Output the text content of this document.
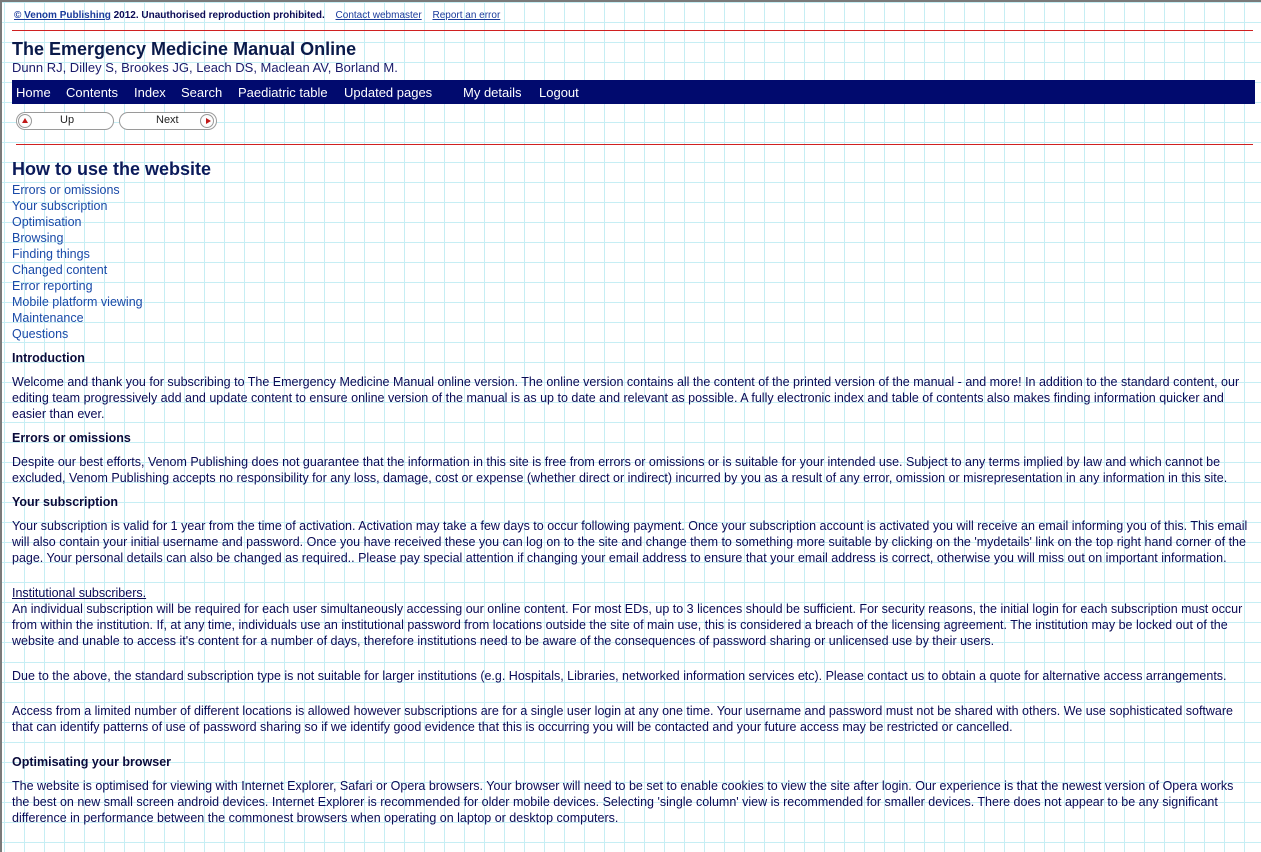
© Venom Publishing 2012. Unauthorised reproduction prohibited. Contact webmaster Report an error
The Emergency Medicine Manual Online
Dunn RJ, Dilley S, Brookes JG, Leach DS, Maclean AV, Borland M.
Home Contents Index Search Paediatric table Updated pages My details Logout
Up	Next
How to use the website
Errors or omissions
Your subscription
Optimisation
Browsing
Finding things
Changed content
Error reporting
Mobile platform viewing
Maintenance
Questions
Introduction

Welcome and thank you for subscribing to The Emergency Medicine Manual online version. The online version contains all the content of the printed version of the manual - and more! In addition to the standard content, our editing team progressively add and update content to ensure online version of the manual is as up to date and relevant as possible. A fully electronic index and table of contents also makes finding information quicker and easier than ever.

Errors or omissions

Despite our best efforts, Venom Publishing does not guarantee that the information in this site is free from errors or omissions or is suitable for your intended use. Subject to any terms implied by law and which cannot be excluded, Venom Publishing accepts no responsibility for any loss, damage, cost or expense (whether direct or indirect) incurred by you as a result of any error, omission or misrepresentation in any information in this site.

Your subscription

Your subscription is valid for 1 year from the time of activation. Activation may take a few days to occur following payment. Once your subscription account is activated you will receive an email informing you of this. This email will also contain your initial username and password. Once you have received these you can log on to the site and change them to something more suitable by clicking on the 'mydetails' link on the top right hand corner of the page. Your personal details can also be changed as required.. Please pay special attention if changing your email address to ensure that your email address is correct, otherwise you will miss out on important information.

Institutional subscribers.

An individual subscription will be required for each user simultaneously accessing our online content. For most EDs, up to 3 licences should be sufficient. For security reasons, the initial login for each subscription must occur from within the institution. If, at any time, individuals use an institutional password from locations outside the site of main use, this is considered a breach of the licensing agreement. The institution may be locked out of the website and unable to access it's content for a number of days, therefore institutions need to be aware of the consequences of password sharing or unlicensed use by their users.

Due to the above, the standard subscription type is not suitable for larger institutions (e.g. Hospitals, Libraries, networked information services etc). Please contact us to obtain a quote for alternative access arrangements.

Access from a limited number of different locations is allowed however subscriptions are for a single user login at any one time. Your username and password must not be shared with others. We use sophisticated software that can identify patterns of use of password sharing so if we identify good evidence that this is occurring you will be contacted and your future access may be restricted or cancelled.

Optimisating your browser

The website is optimised for viewing with Internet Explorer, Safari or Opera browsers. Your browser will need to be set to enable cookies to view the site after login. Our experience is that the newest version of Opera works the best on new small screen android devices. Internet Explorer is recommended for older mobile devices. Selecting 'single column' view is recommended for smaller devices. There does not appear to be any significant difference in performance between the commonest browsers when operating on laptop or desktop computers.
